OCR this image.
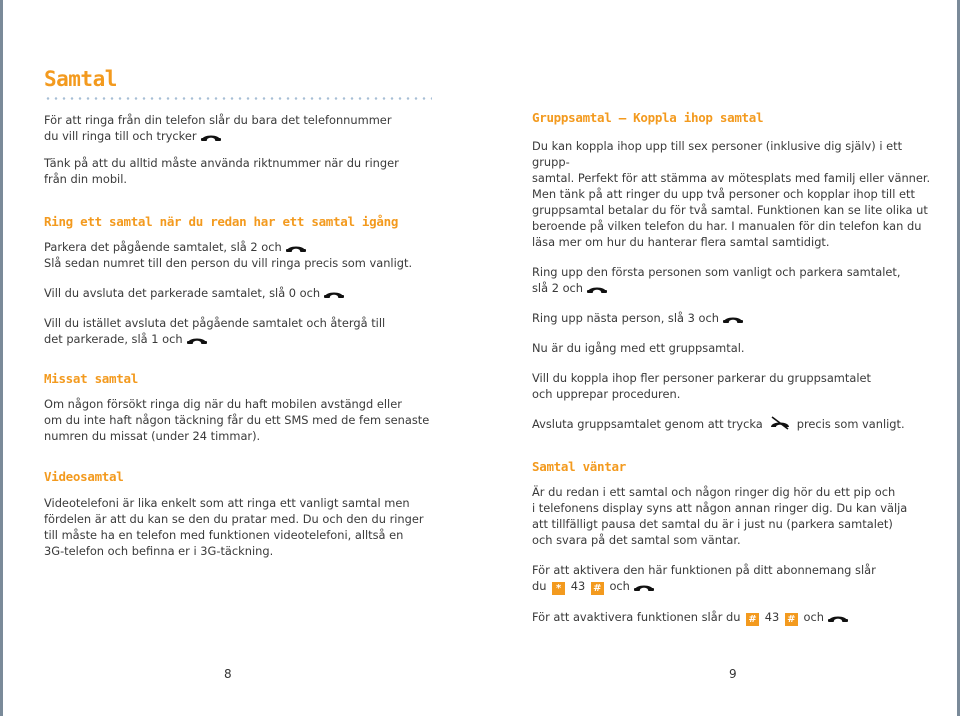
Samtal

För att ringa från din telefon slår du bara det telefonnummer

du vill ringa till och trycker

Tänk på att du alltid måste använda riktnummer när du ringer

från din mobil.

Ring ett samtal när du redan har ett samtal igång

Parkera det pågående samtalet, slå 2 och

Slå sedan numret till den person du vill ringa precis som vanligt.

Vill du avsluta det parkerade samtalet, slå 0 och

Vill du istället avsluta det pågående samtalet och återgå till

det parkerade, slå 1 och

Missat samtal

Om någon försökt ringa dig när du haft mobilen avstängd eller

om du inte haft någon täckning får du ett SMS med de fem senaste

numren du missat (under 24 timmar).

Videosamtal

Videotelefoni är lika enkelt som att ringa ett vanligt samtal men

fördelen är att du kan se den du pratar med. Du och den du ringer

till måste ha en telefon med funktionen videotelefoni, alltså en

3G-telefon och befinna er i 3G-täckning.

8
Gruppsamtal – Koppla ihop samtal

Du kan koppla ihop upp till sex personer (inklusive dig själv) i ett grupp-

samtal. Perfekt för att stämma av mötesplats med familj eller vänner.

Men tänk på att ringer du upp två personer och kopplar ihop till ett

gruppsamtal betalar du för två samtal. Funktionen kan se lite olika ut

beroende på vilken telefon du har. I manualen för din telefon kan du

läsa mer om hur du hanterar flera samtal samtidigt.

Ring upp den första personen som vanligt och parkera samtalet,

slå 2 och

Ring upp nästa person, slå 3 och

Nu är du igång med ett gruppsamtal.

Vill du koppla ihop fler personer parkerar du gruppsamtalet

och upprepar proceduren.

Avsluta gruppsamtalet genom att trycka	precis som vanligt.

Samtal väntar

Är du redan i ett samtal och någon ringer dig hör du ett pip och

i telefonens display syns att någon annan ringer dig. Du kan välja

att tillfälligt pausa det samtal du är i just nu (parkera samtalet)

och svara på det samtal som väntar.

För att aktivera den här funktionen på ditt abonnemang slår

du * 43 # och

För att avaktivera funktionen slår du # 43 # och

9
